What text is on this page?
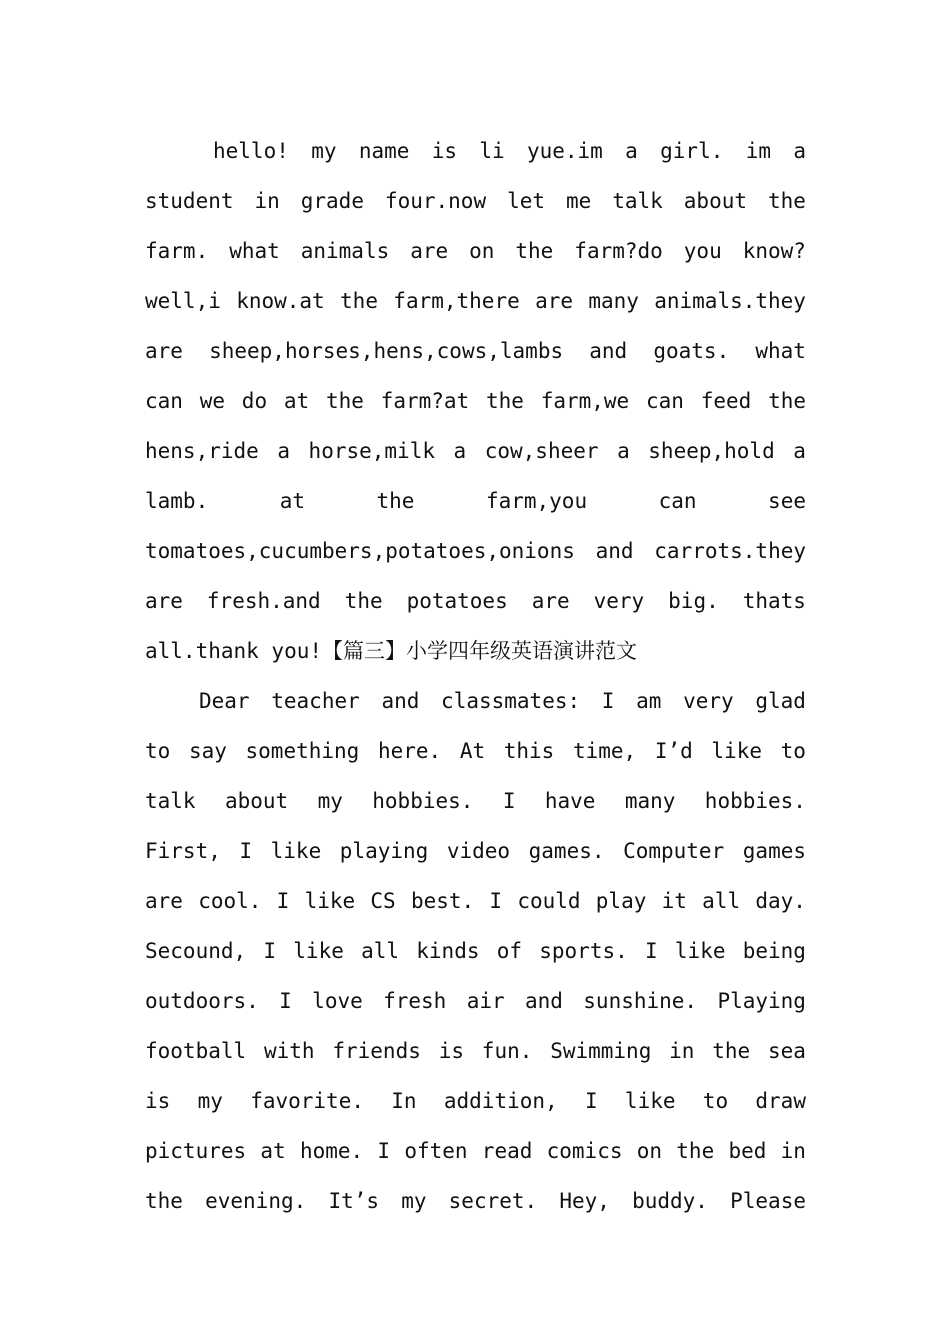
hello! my name is li yue.im a girl. im a
student in grade four.now let me talk about the
farm. what animals are on the farm?do you know?
well,i know.at the farm,there are many animals.they
are sheep,horses,hens,cows,lambs and goats. what
can we do at the farm?at the farm,we can feed the
hens,ride a horse,milk a cow,sheer a sheep,hold a
lamb.	at	the	farm,you	can	see
tomatoes,cucumbers,potatoes,onions and carrots.they
are fresh.and the potatoes are very big. thats
all.thank you! 【篇三】小学四年级英语演讲范文
Dear teacher and classmates: I am very glad
to say something here. At this time, I’d like to
talk about my hobbies. I have many hobbies.
First, I like playing video games. Computer games
are cool. I like CS best. I could play it all day.
Secound, I like all kinds of sports. I like being
outdoors. I love fresh air and sunshine. Playing
football with friends is fun. Swimming in the sea
is my favorite. In addition, I like to draw
pictures at home. I often read comics on the bed in
the evening. It’s my secret. Hey, buddy. Please
